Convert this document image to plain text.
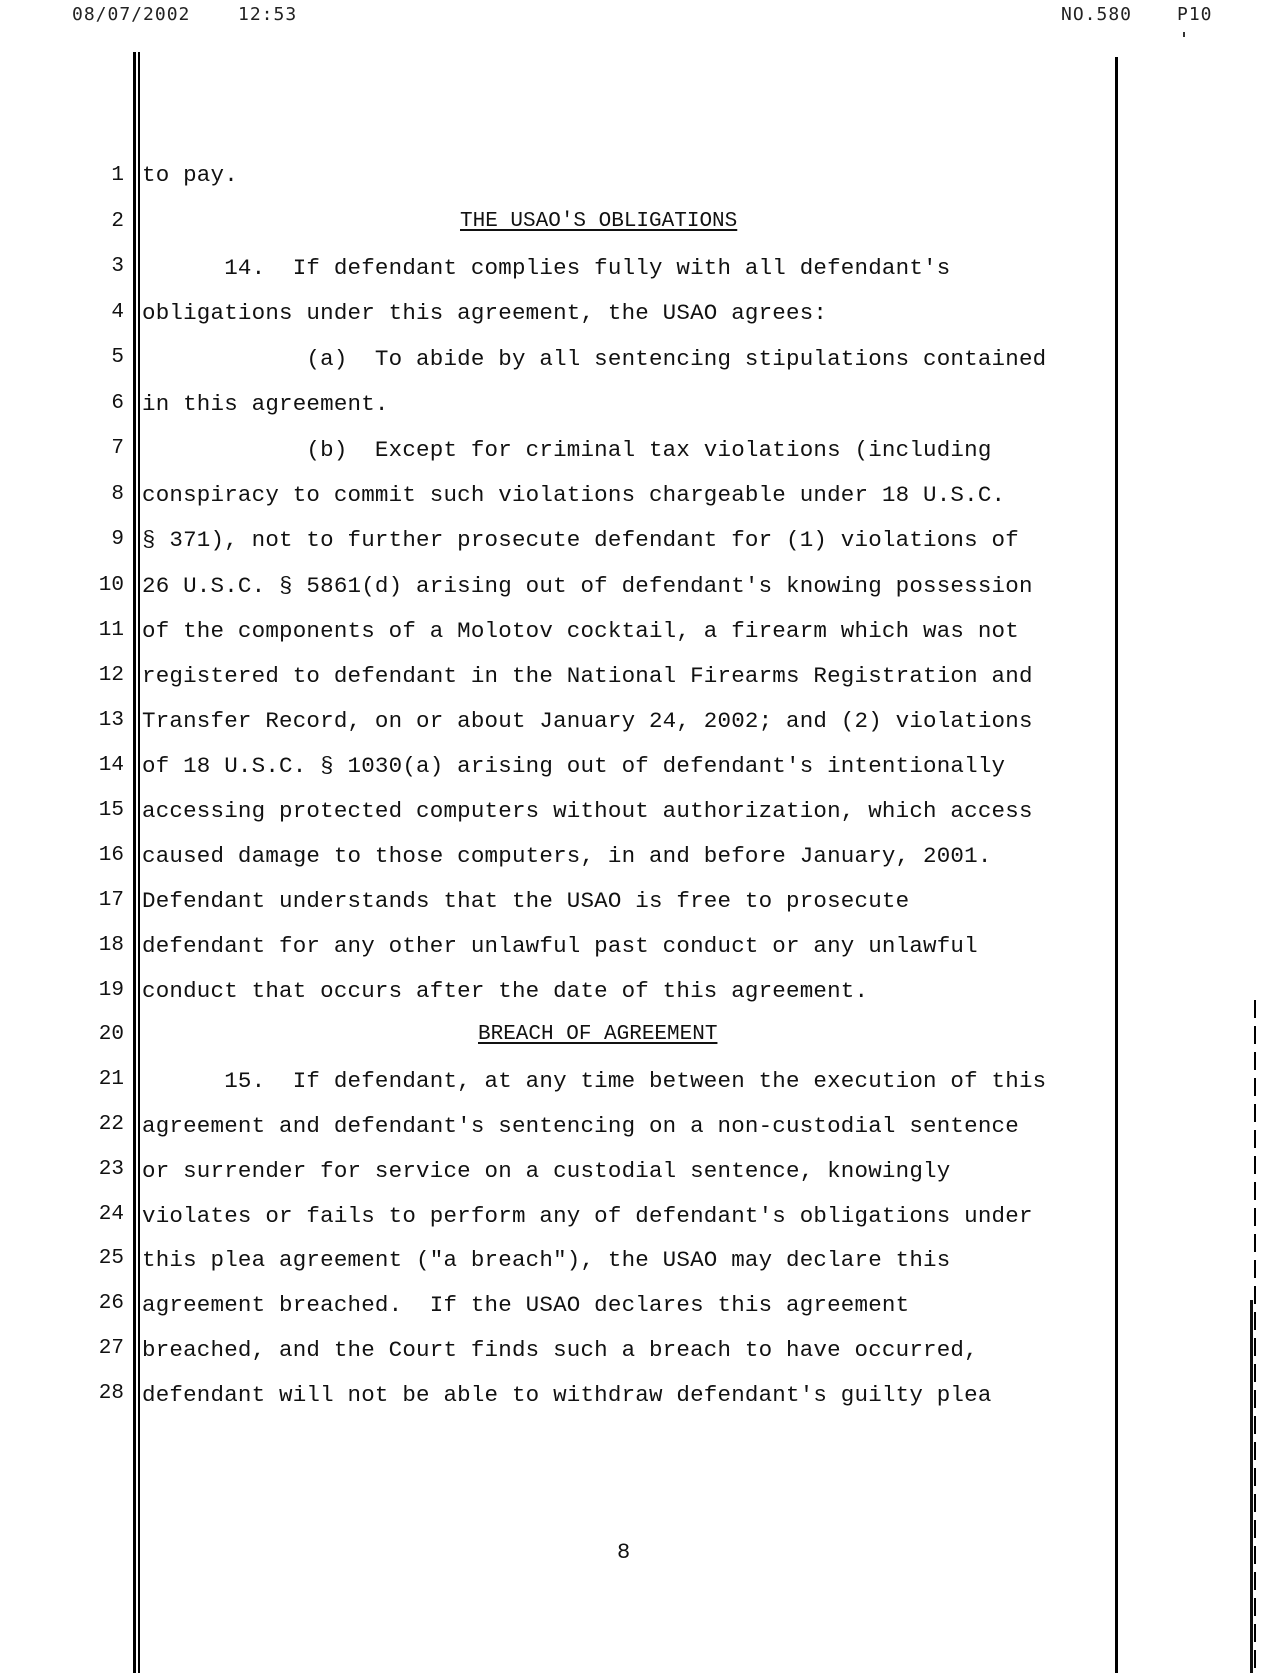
08/07/2002	12:53	NO.580 P10
1
2
3
4
5
6
7
8
9
10
11
12
13
14
15
16
17
18
19
20
21
22
23
24
25
26
27
28
to pay.
THE USAO'S OBLIGATIONS
14.  If defendant complies fully with all defendant's
obligations under this agreement, the USAO agrees:
(a)  To abide by all sentencing stipulations contained
in this agreement.
(b)  Except for criminal tax violations (including
conspiracy to commit such violations chargeable under 18 U.S.C.
§ 371), not to further prosecute defendant for (1) violations of
26 U.S.C. § 5861(d) arising out of defendant's knowing possession
of the components of a Molotov cocktail, a firearm which was not
registered to defendant in the National Firearms Registration and
Transfer Record, on or about January 24, 2002; and (2) violations
of 18 U.S.C. § 1030(a) arising out of defendant's intentionally
accessing protected computers without authorization, which access
caused damage to those computers, in and before January, 2001.
Defendant understands that the USAO is free to prosecute
defendant for any other unlawful past conduct or any unlawful
conduct that occurs after the date of this agreement.
BREACH OF AGREEMENT
15.  If defendant, at any time between the execution of this
agreement and defendant's sentencing on a non-custodial sentence
or surrender for service on a custodial sentence, knowingly
violates or fails to perform any of defendant's obligations under
this plea agreement ("a breach"), the USAO may declare this
agreement breached.  If the USAO declares this agreement
breached, and the Court finds such a breach to have occurred,
defendant will not be able to withdraw defendant's guilty plea
8
